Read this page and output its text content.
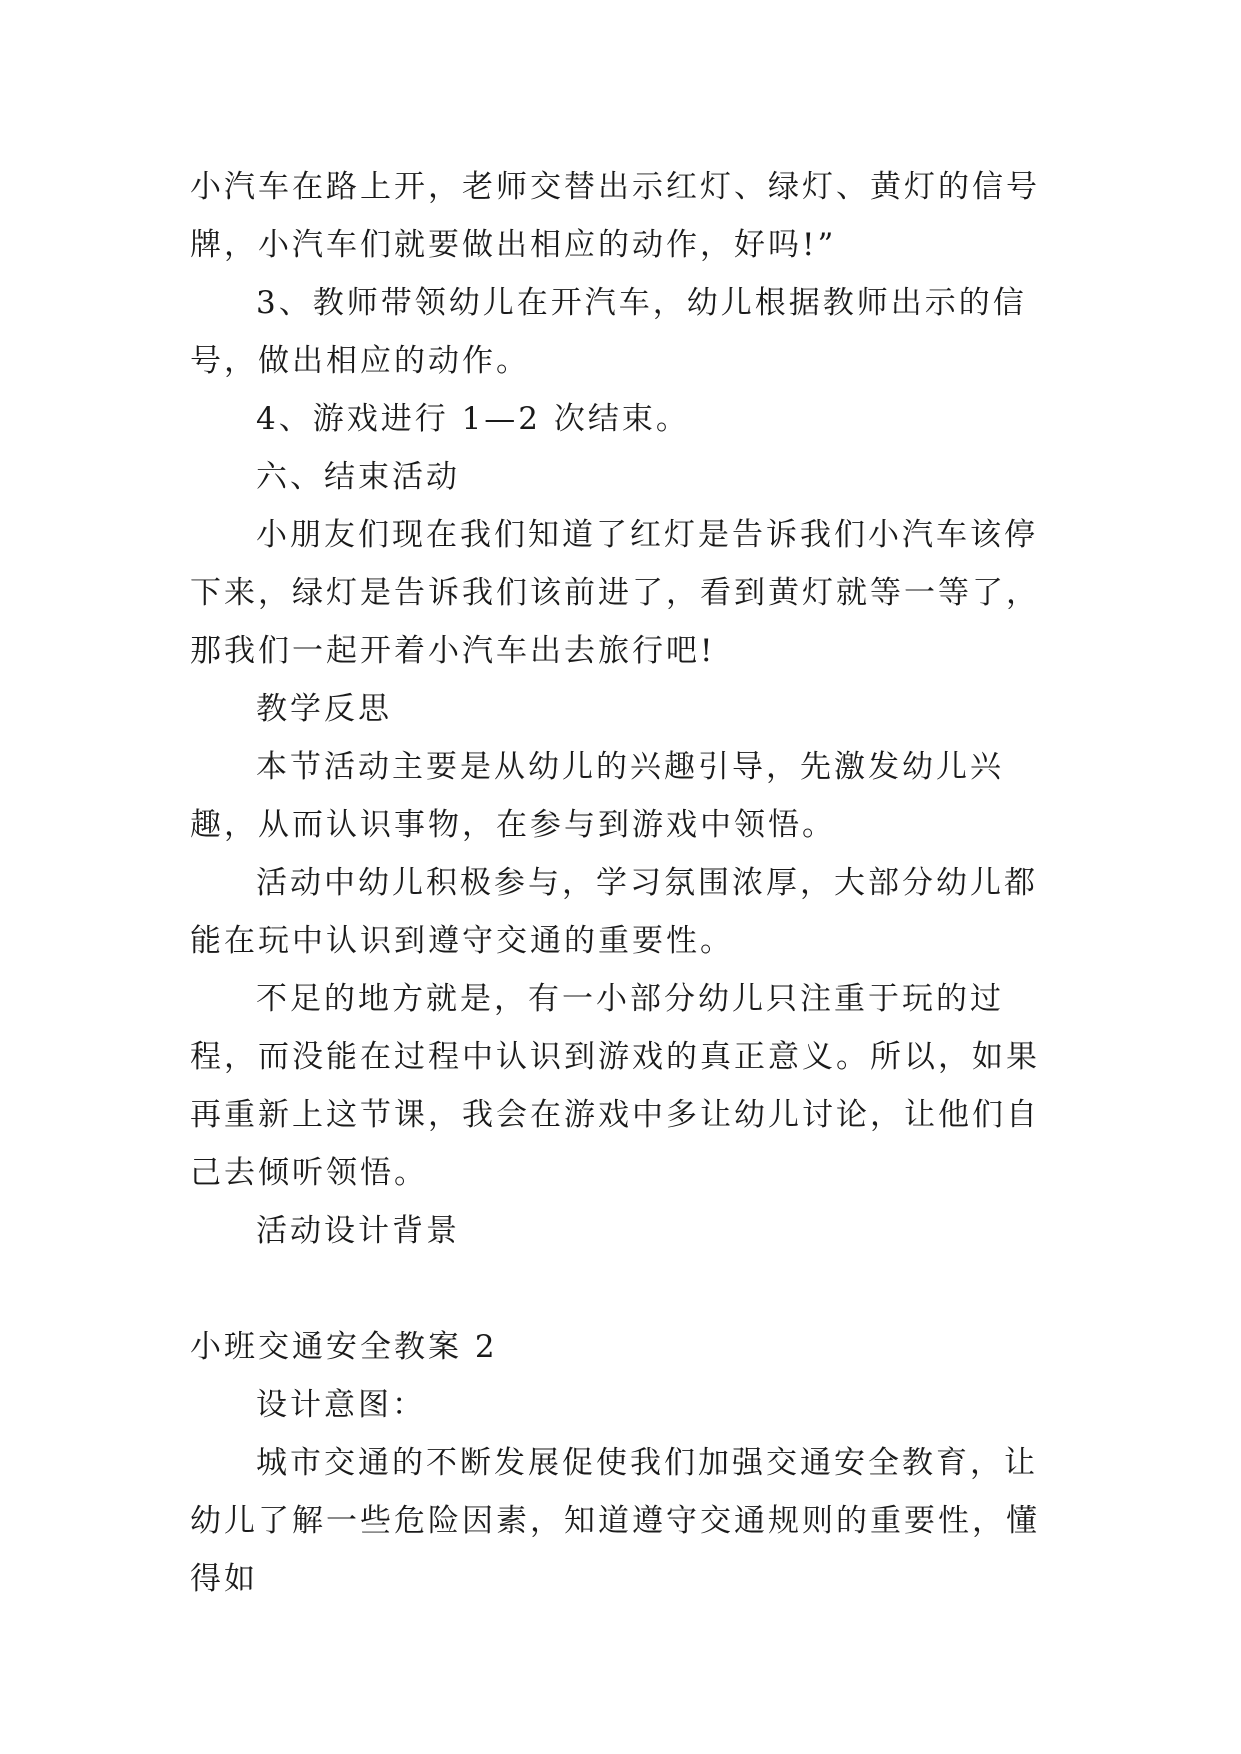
小汽车在路上开，老师交替出示红灯、绿灯、黄灯的信号牌，小汽车们就要做出相应的动作，好吗!”

3、教师带领幼儿在开汽车，幼儿根据教师出示的信号，做出相应的动作。

4、游戏进行 1—2 次结束。

六、结束活动

小朋友们现在我们知道了红灯是告诉我们小汽车该停下来，绿灯是告诉我们该前进了，看到黄灯就等一等了，那我们一起开着小汽车出去旅行吧!

教学反思

本节活动主要是从幼儿的兴趣引导，先激发幼儿兴趣，从而认识事物，在参与到游戏中领悟。

活动中幼儿积极参与，学习氛围浓厚，大部分幼儿都能在玩中认识到遵守交通的重要性。

不足的地方就是，有一小部分幼儿只注重于玩的过程，而没能在过程中认识到游戏的真正意义。所以，如果再重新上这节课，我会在游戏中多让幼儿讨论，让他们自己去倾听领悟。

活动设计背景

小班交通安全教案 2

设计意图：

城市交通的不断发展促使我们加强交通安全教育，让幼儿了解一些危险因素，知道遵守交通规则的重要性，懂得如
